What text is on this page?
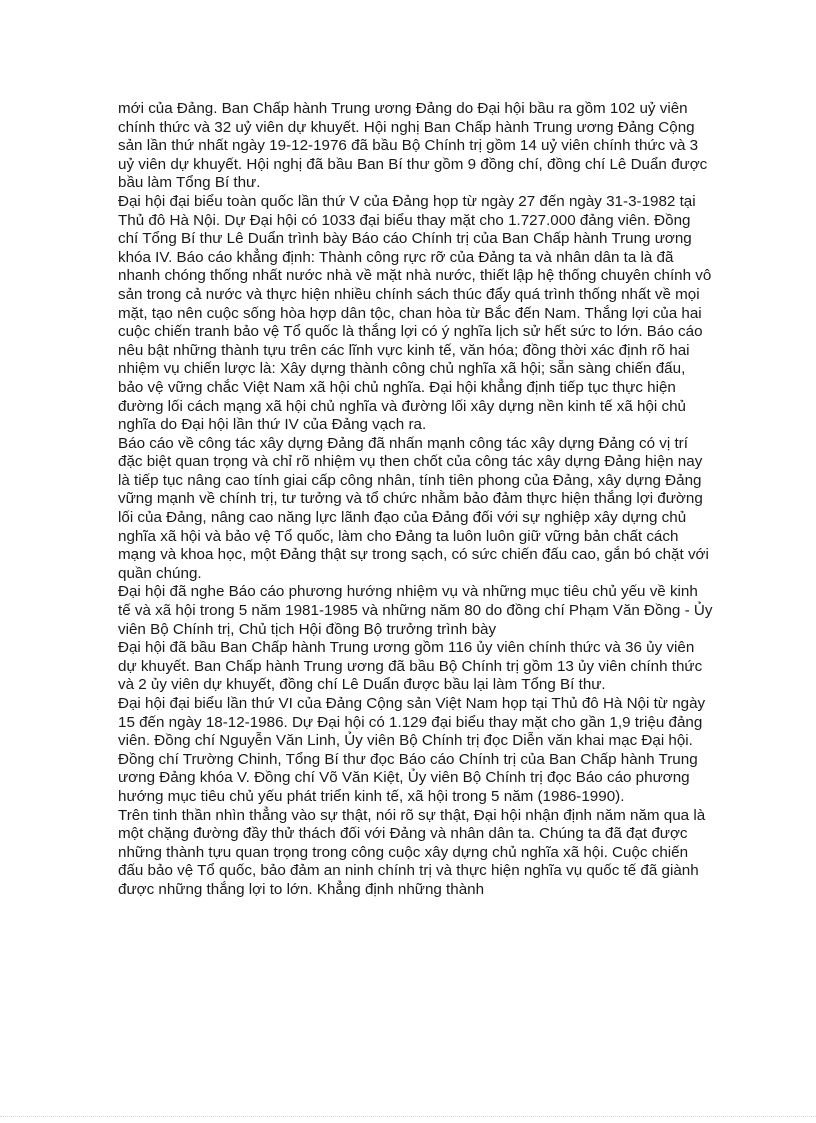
mới của Đảng. Ban Chấp hành Trung ương Đảng do Đại hội bầu ra gồm 102 uỷ viên chính thức và 32 uỷ viên dự khuyết. Hội nghị Ban Chấp hành Trung ương Đảng Cộng sản lần thứ nhất ngày 19-12-1976 đã bầu Bộ Chính trị gồm 14 uỷ viên chính thức và 3 uỷ viên dự khuyết. Hội nghị đã bầu Ban Bí thư gồm 9 đồng chí, đồng chí Lê Duẩn được bầu làm Tổng Bí thư.

Đại hội đại biểu toàn quốc lần thứ V của Đảng họp từ ngày 27 đến ngày 31-3-1982 tại Thủ đô Hà Nội. Dự Đại hội có 1033 đại biểu thay mặt cho 1.727.000 đảng viên. Đồng chí Tổng Bí thư Lê Duẩn trình bày Báo cáo Chính trị của Ban Chấp hành Trung ương khóa IV. Báo cáo khẳng định: Thành công rực rỡ của Đảng ta và nhân dân ta là đã nhanh chóng thống nhất nước nhà về mặt nhà nước, thiết lập hệ thống chuyên chính vô sản trong cả nước và thực hiện nhiều chính sách thúc đẩy quá trình thống nhất về mọi mặt, tạo nên cuộc sống hòa hợp dân tộc, chan hòa từ Bắc đến Nam. Thắng lợi của hai cuộc chiến tranh bảo vệ Tổ quốc là thắng lợi có ý nghĩa lịch sử hết sức to lớn. Báo cáo nêu bật những thành tựu trên các lĩnh vực kinh tế, văn hóa; đồng thời xác định rõ hai nhiệm vụ chiến lược là: Xây dựng thành công chủ nghĩa xã hội; sẵn sàng chiến đấu, bảo vệ vững chắc Việt Nam xã hội chủ nghĩa. Đại hội khẳng định tiếp tục thực hiện đường lối cách mạng xã hội chủ nghĩa và đường lối xây dựng nền kinh tế xã hội chủ nghĩa do Đại hội lần thứ IV của Đảng vạch ra.

Báo cáo về công tác xây dựng Đảng đã nhấn mạnh công tác xây dựng Đảng có vị trí đặc biệt quan trọng và chỉ rõ nhiệm vụ then chốt của công tác xây dựng Đảng hiện nay là tiếp tục nâng cao tính giai cấp công nhân, tính tiên phong của Đảng, xây dựng Đảng vững mạnh về chính trị, tư tưởng và tổ chức nhằm bảo đảm thực hiện thắng lợi đường lối của Đảng, nâng cao năng lực lãnh đạo của Đảng đối với sự nghiệp xây dựng chủ nghĩa xã hội và bảo vệ Tổ quốc, làm cho Đảng ta luôn luôn giữ vững bản chất cách mạng và khoa học, một Đảng thật sự trong sạch, có sức chiến đấu cao, gắn bó chặt với quần chúng.

Đại hội đã nghe Báo cáo phương hướng nhiệm vụ và những mục tiêu chủ yếu về kinh tế và xã hội trong 5 năm 1981-1985 và những năm 80 do đồng chí Phạm Văn Đồng - Ủy viên Bộ Chính trị, Chủ tịch Hội đồng Bộ trưởng trình bày

Đại hội đã bầu Ban Chấp hành Trung ương gồm 116 ủy viên chính thức và 36 ủy viên dự khuyết. Ban Chấp hành Trung ương đã bầu Bộ Chính trị gồm 13 ủy viên chính thức và 2 ủy viên dự khuyết, đồng chí Lê Duẩn được bầu lại làm Tổng Bí thư.

Đại hội đại biểu lần thứ VI của Đảng Cộng sản Việt Nam họp tại Thủ đô Hà Nội từ ngày 15 đến ngày 18-12-1986. Dự Đại hội có 1.129 đại biểu thay mặt cho gần 1,9 triệu đảng viên. Đồng chí Nguyễn Văn Linh, Ủy viên Bộ Chính trị đọc Diễn văn khai mạc Đại hội. Đồng chí Trường Chinh, Tổng Bí thư đọc Báo cáo Chính trị của Ban Chấp hành Trung ương Đảng khóa V. Đồng chí Võ Văn Kiệt, Ủy viên Bộ Chính trị đọc Báo cáo phương hướng mục tiêu chủ yếu phát triển kinh tế, xã hội trong 5 năm (1986-1990).

Trên tinh thần nhìn thẳng vào sự thật, nói rõ sự thật, Đại hội nhận định năm năm qua là một chặng đường đầy thử thách đối với Đảng và nhân dân ta. Chúng ta đã đạt được những thành tựu quan trọng trong công cuộc xây dựng chủ nghĩa xã hội. Cuộc chiến đấu bảo vệ Tổ quốc, bảo đảm an ninh chính trị và thực hiện nghĩa vụ quốc tế đã giành được những thắng lợi to lớn. Khẳng định những thành
